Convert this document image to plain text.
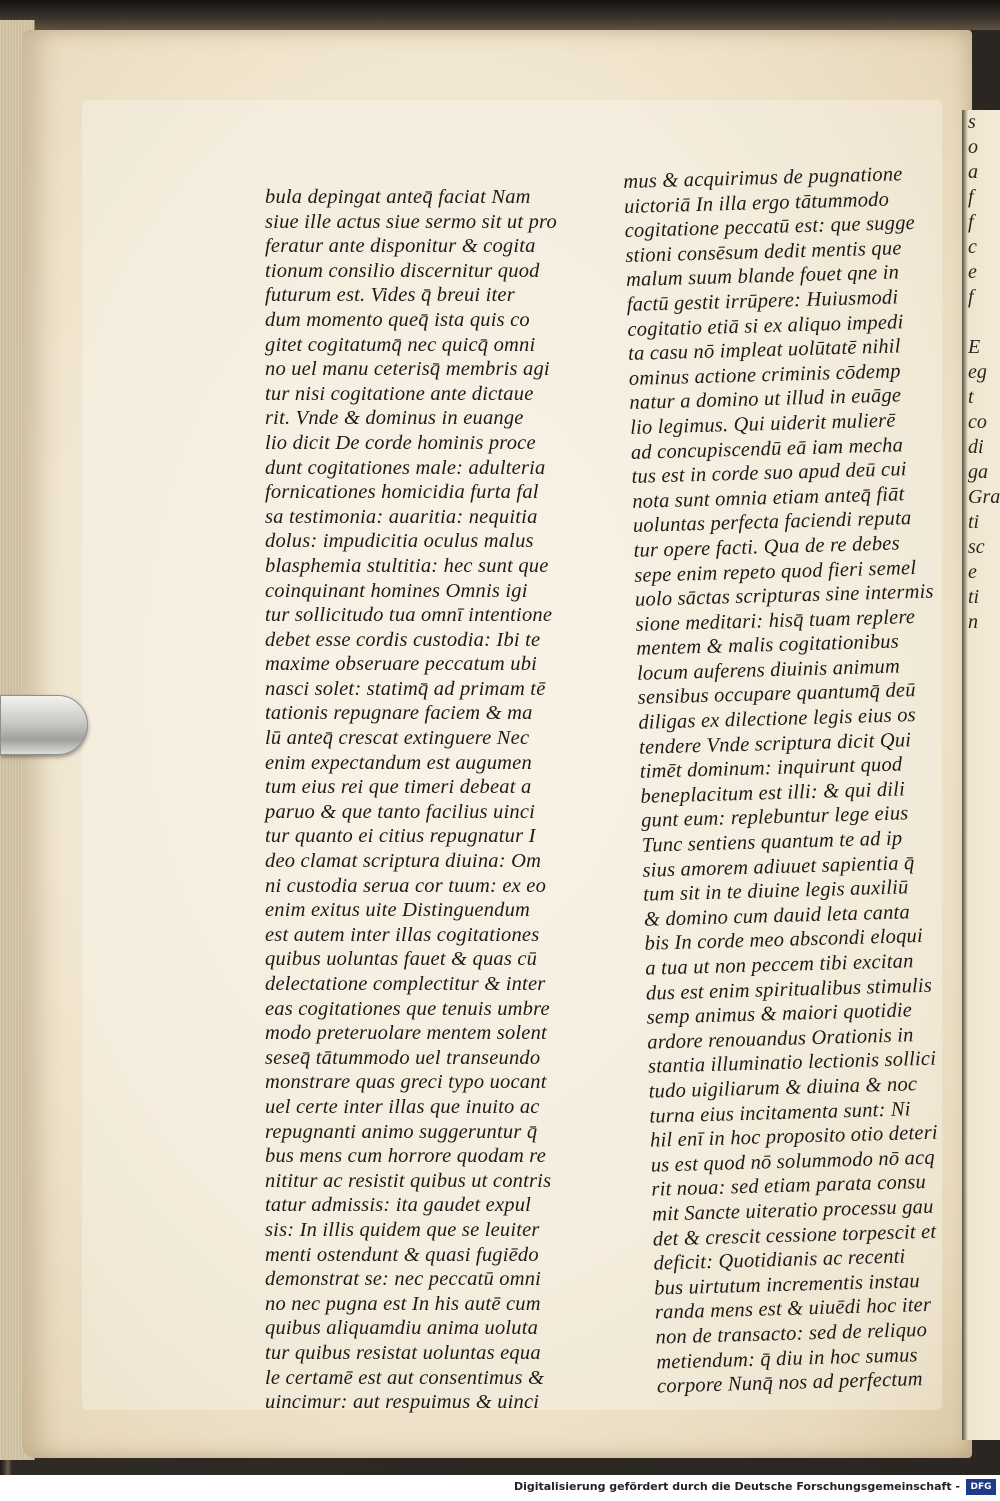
s
o
a
f
f
c
e
f

E
eg
t
co
di
ga
Gra
ti
sc
e
ti
n
bula depingat anteq̄ faciat Nam
siue ille actus siue sermo sit ut pro
feratur ante disponitur & cogita
tionum consilio discernitur quod
futurum est. Vides q̄ breui iter
dum momento queq̄ ista quis co
gitet cogitatumq̄ nec quicq̄ omni
no uel manu ceterisq̄ membris agi
tur nisi cogitatione ante dictaue
rit. Vnde & dominus in euange
lio dicit De corde hominis proce
dunt cogitationes male: adulteria
fornicationes homicidia furta fal
sa testimonia: auaritia: nequitia
dolus: impudicitia oculus malus
blasphemia stultitia: hec sunt que
coinquinant homines Omnis igi
tur sollicitudo tua omnī intentione
debet esse cordis custodia: Ibi te
maxime obseruare peccatum ubi
nasci solet: statimq̄ ad primam tē
tationis repugnare faciem & ma
lū anteq̄ crescat extinguere Nec
enim expectandum est augumen
tum eius rei que timeri debeat a
paruo & que tanto facilius uinci
tur quanto ei citius repugnatur I
deo clamat scriptura diuina: Om
ni custodia serua cor tuum: ex eo
enim exitus uite Distinguendum
est autem inter illas cogitationes
quibus uoluntas fauet & quas cū
delectatione complectitur & inter
eas cogitationes que tenuis umbre
modo preteruolare mentem solent
seseq̄ tātummodo uel transeundo
monstrare quas greci typo uocant
uel certe inter illas que inuito ac
repugnanti animo suggeruntur q̄
bus mens cum horrore quodam re
nititur ac resistit quibus ut contris
tatur admissis: ita gaudet expul
sis: In illis quidem que se leuiter
menti ostendunt & quasi fugiēdo
demonstrat se: nec peccatū omni
no nec pugna est In his autē cum
quibus aliquamdiu anima uoluta
tur quibus resistat uoluntas equa
le certamē est aut consentimus &
uincimur: aut respuimus & uinci
mus & acquirimus de pugnatione
uictoriā In illa ergo tātummodo
cogitatione peccatū est: que sugge
stioni consēsum dedit mentis que
malum suum blande fouet qne in
factū gestit irrūpere: Huiusmodi
cogitatio etiā si ex aliquo impedi
ta casu nō impleat uolūtatē nihil
ominus actione criminis cōdemp
natur a domino ut illud in euāge
lio legimus. Qui uiderit mulierē
ad concupiscendū eā iam mecha
tus est in corde suo apud deū cui
nota sunt omnia etiam anteq̄ fiāt
uoluntas perfecta faciendi reputa
tur opere facti. Qua de re debes
sepe enim repeto quod fieri semel
uolo sāctas scripturas sine intermis
sione meditari: hisq̄ tuam replere
mentem & malis cogitationibus
locum auferens diuinis animum
sensibus occupare quantumq̄ deū
diligas ex dilectione legis eius os
tendere Vnde scriptura dicit Qui
timēt dominum: inquirunt quod
beneplacitum est illi: & qui dili
gunt eum: replebuntur lege eius
Tunc sentiens quantum te ad ip
sius amorem adiuuet sapientia q̄
tum sit in te diuine legis auxiliū
& domino cum dauid leta canta
bis In corde meo abscondi eloqui
a tua ut non peccem tibi excitan
dus est enim spiritualibus stimulis
semp animus & maiori quotidie
ardore renouandus Orationis in
stantia illuminatio lectionis sollici
tudo uigiliarum & diuina & noc
turna eius incitamenta sunt: Ni
hil enī in hoc proposito otio deteri
us est quod nō solummodo nō acq
rit noua: sed etiam parata consu
mit Sancte uiteratio processu gau
det & crescit cessione torpescit et
deficit: Quotidianis ac recenti
bus uirtutum incrementis instau
randa mens est & uiuēdi hoc iter
non de transacto: sed de reliquo
metiendum: q̄ diu in hoc sumus
corpore Nunq̄ nos ad perfectum
Digitalisierung gefördert durch die Deutsche Forschungsgemeinschaft -	DFG
